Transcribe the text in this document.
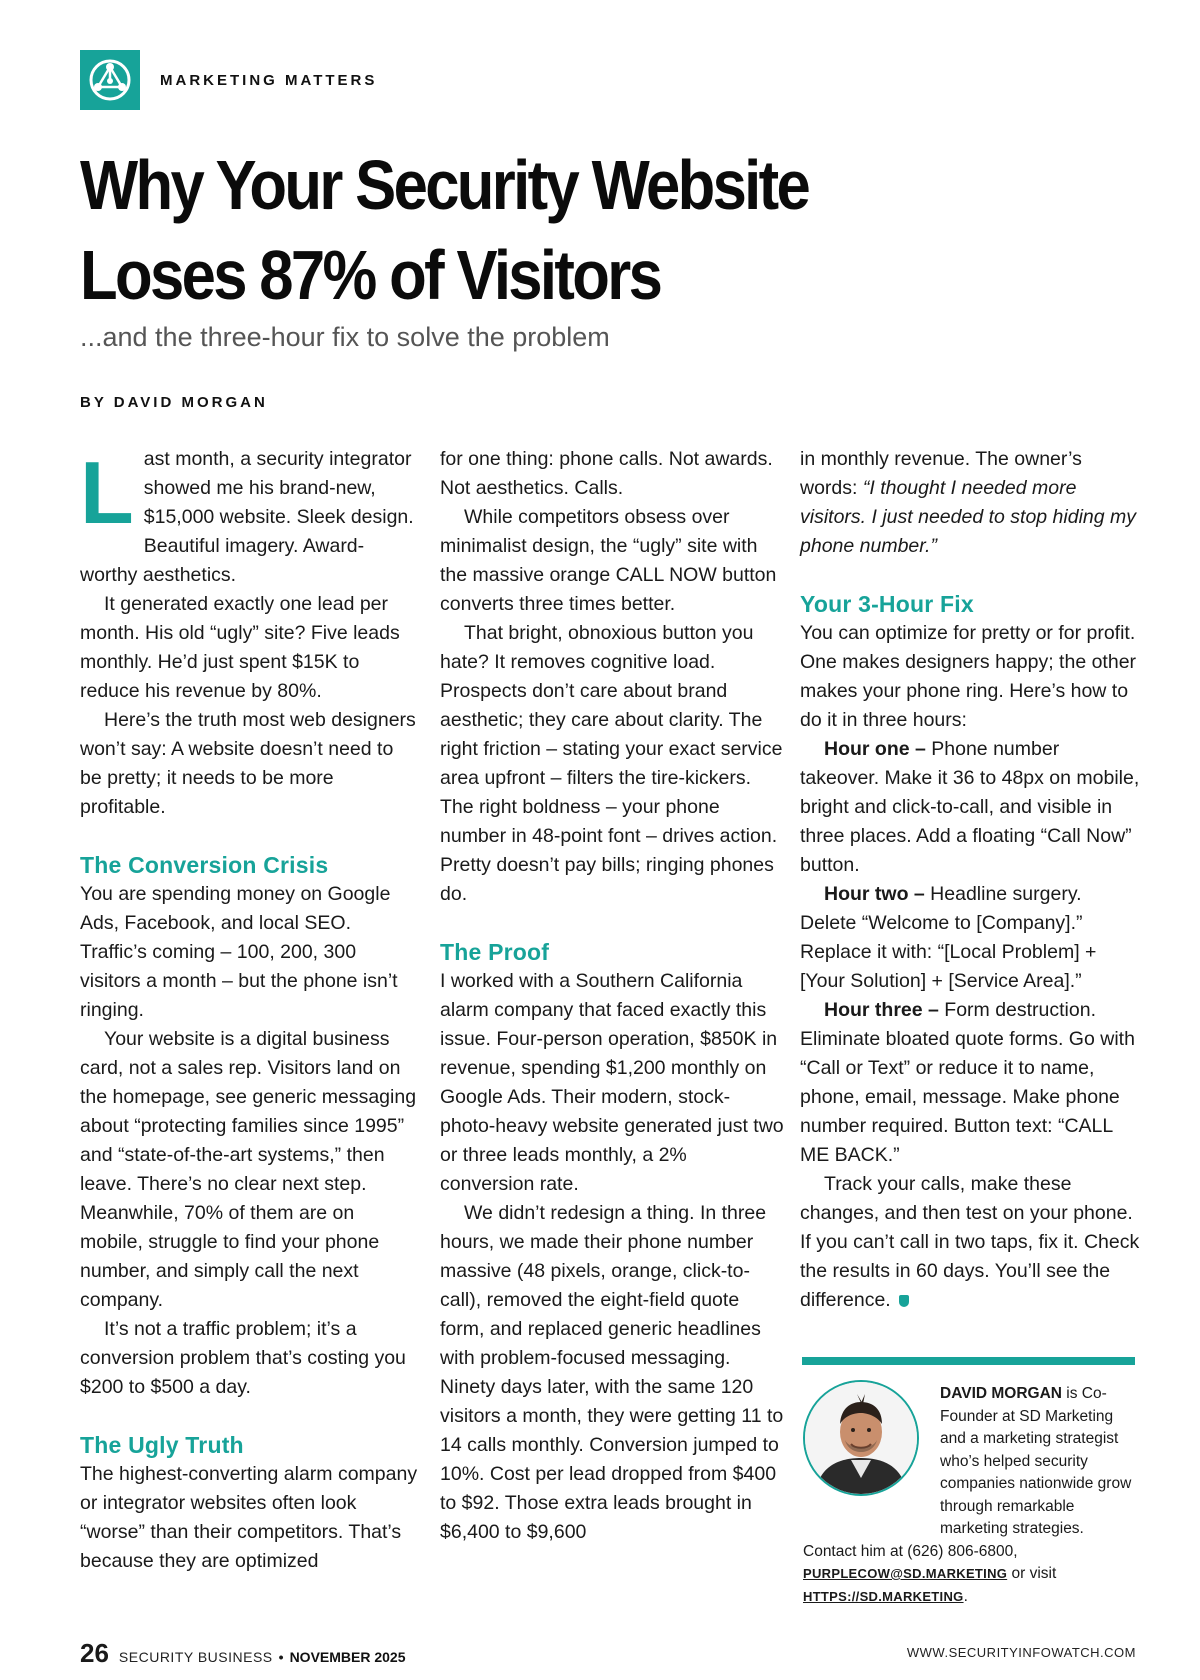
MARKETING MATTERS
Why Your Security Website
Loses 87% of Visitors
...and the three-hour fix to solve the problem
BY DAVID MORGAN

Last month, a security integrator showed me his brand-new, $15,000 website. Sleek design. Beautiful imagery. Award-worthy aesthetics.

It generated exactly one lead per month. His old “ugly” site? Five leads monthly. He’d just spent $15K to reduce his revenue by 80%.

Here’s the truth most web designers won’t say: A website doesn’t need to be pretty; it needs to be more profitable.

The Conversion Crisis

You are spending money on Google Ads, Facebook, and local SEO. Traffic’s coming – 100, 200, 300 visitors a month – but the phone isn’t ringing.

Your website is a digital business card, not a sales rep. Visitors land on the homepage, see generic messaging about “protecting families since 1995” and “state-of-the-art systems,” then leave. There’s no clear next step. Meanwhile, 70% of them are on mobile, struggle to find your phone number, and simply call the next company.

It’s not a traffic problem; it’s a conversion problem that’s costing you $200 to $500 a day.

The Ugly Truth

The highest-converting alarm company or integrator websites often look “worse” than their competitors. That’s because they are optimized

for one thing: phone calls. Not awards. Not aesthetics. Calls.

While competitors obsess over minimalist design, the “ugly” site with the massive orange CALL NOW button converts three times better.

That bright, obnoxious button you hate? It removes cognitive load. Prospects don’t care about brand aesthetic; they care about clarity. The right friction – stating your exact service area upfront – filters the tire-kickers. The right boldness – your phone number in 48-point font – drives action. Pretty doesn’t pay bills; ringing phones do.

The Proof

I worked with a Southern California alarm company that faced exactly this issue. Four-person operation, $850K in revenue, spending $1,200 monthly on Google Ads. Their modern, stock-photo-heavy website generated just two or three leads monthly, a 2% conversion rate.

We didn’t redesign a thing. In three hours, we made their phone number massive (48 pixels, orange, click-to-call), removed the eight-field quote form, and replaced generic headlines with problem-focused messaging. Ninety days later, with the same 120 visitors a month, they were getting 11 to 14 calls monthly. Conversion jumped to 10%. Cost per lead dropped from $400 to $92. Those extra leads brought in $6,400 to $9,600

in monthly revenue. The owner’s words: “I thought I needed more visitors. I just needed to stop hiding my phone number.”

Your 3-Hour Fix

You can optimize for pretty or for profit. One makes designers happy; the other makes your phone ring. Here’s how to do it in three hours:

Hour one – Phone number takeover. Make it 36 to 48px on mobile, bright and click-to-call, and visible in three places. Add a floating “Call Now” button.

Hour two – Headline surgery. Delete “Welcome to [Company].” Replace it with: “[Local Problem] + [Your Solution] + [Service Area].”

Hour three – Form destruction. Eliminate bloated quote forms. Go with “Call or Text” or reduce it to name, phone, email, message. Make phone number required. Button text: “CALL ME BACK.”

Track your calls, make these changes, and then test on your phone. If you can’t call in two taps, fix it. Check the results in 60 days. You’ll see the difference.

DAVID MORGAN is Co-Founder at SD Marketing and a marketing strategist who’s helped security companies nationwide grow through remarkable marketing strategies. Contact him at (626) 806-6800, PURPLECOW@SD.MARKETING or visit HTTPS://SD.MARKETING.
26 SECURITY BUSINESS • NOVEMBER 2025	WWW.SECURITYINFOWATCH.COM
